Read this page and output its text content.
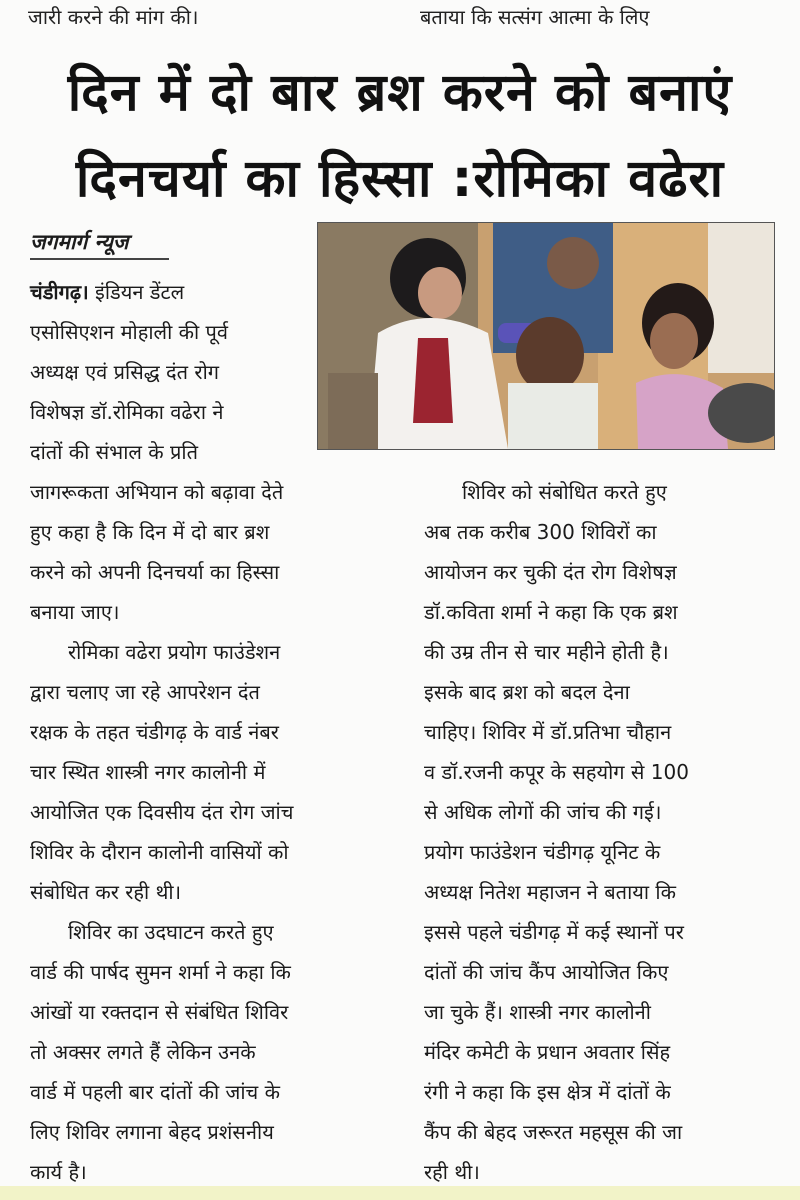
जारी करने की मांग की।	बताया कि सत्संग आत्मा के लिए
दिन में दो बार ब्रश करने को बनाएं
दिनचर्या का हिस्सा :रोमिका वढेरा
जगमार्ग न्यूज
चंडीगढ़। इंडियन डेंटल
एसोसिएशन मोहाली की पूर्व
अध्यक्ष एवं प्रसिद्ध दंत रोग
विशेषज्ञ डॉ.रोमिका वढेरा ने
दांतों की संभाल के प्रति
जागरूकता अभियान को बढ़ावा देते
हुए कहा है कि दिन में दो बार ब्रश
करने को अपनी दिनचर्या का हिस्सा
बनाया जाए।
रोमिका वढेरा प्रयोग फाउंडेशन
द्वारा चलाए जा रहे आपरेशन दंत
रक्षक के तहत चंडीगढ़ के वार्ड नंबर
चार स्थित शास्त्री नगर कालोनी में
आयोजित एक दिवसीय दंत रोग जांच
शिविर के दौरान कालोनी वासियों को
संबोधित कर रही थी।
शिविर का उदघाटन करते हुए
वार्ड की पार्षद सुमन शर्मा ने कहा कि
आंखों या रक्तदान से संबंधित शिविर
तो अक्सर लगते हैं लेकिन उनके
वार्ड में पहली बार दांतों की जांच के
लिए शिविर लगाना बेहद प्रशंसनीय
कार्य है।
शिविर को संबोधित करते हुए
अब तक करीब 300 शिविरों का
आयोजन कर चुकी दंत रोग विशेषज्ञ
डॉ.कविता शर्मा ने कहा कि एक ब्रश
की उम्र तीन से चार महीने होती है।
इसके बाद ब्रश को बदल देना
चाहिए। शिविर में डॉ.प्रतिभा चौहान
व डॉ.रजनी कपूर के सहयोग से 100
से अधिक लोगों की जांच की गई।
प्रयोग फाउंडेशन चंडीगढ़ यूनिट के
अध्यक्ष नितेश महाजन ने बताया कि
इससे पहले चंडीगढ़ में कई स्थानों पर
दांतों की जांच कैंप आयोजित किए
जा चुके हैं। शास्त्री नगर कालोनी
मंदिर कमेटी के प्रधान अवतार सिंह
रंगी ने कहा कि इस क्षेत्र में दांतों के
कैंप की बेहद जरूरत महसूस की जा
रही थी।
